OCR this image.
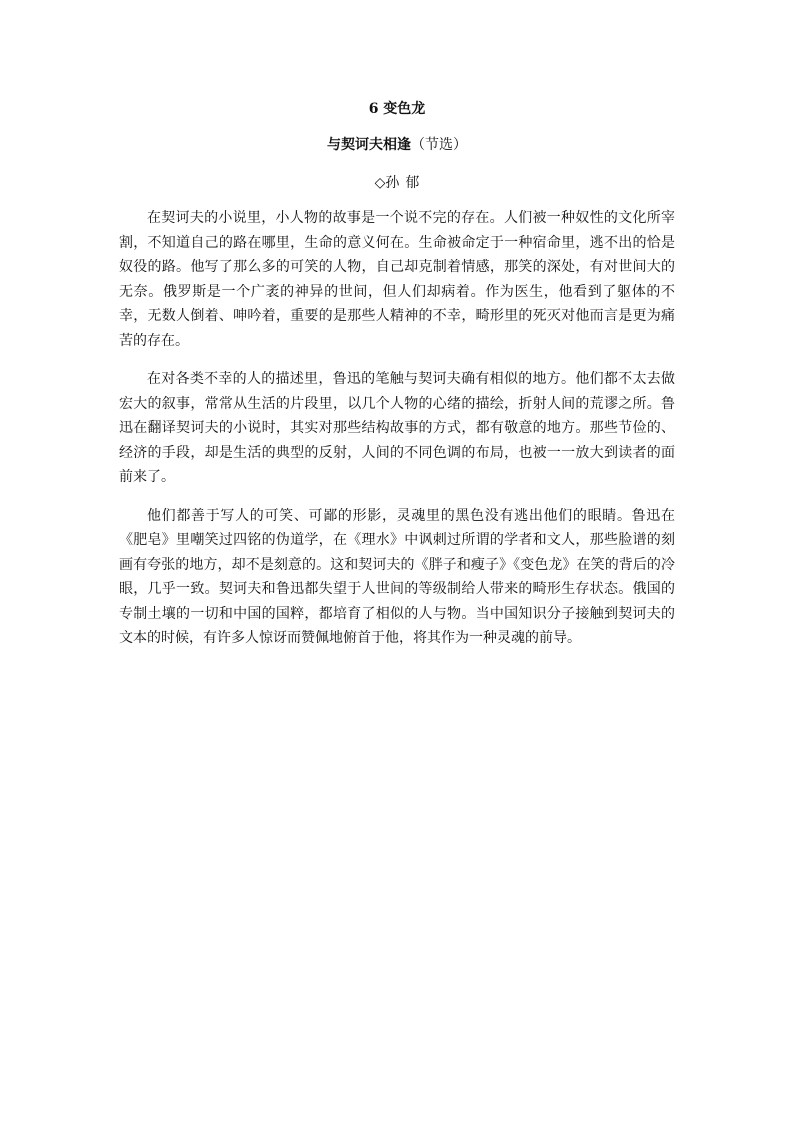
6 变色龙
与契诃夫相逢（节选）
◇孙 郁

在契诃夫的小说里，小人物的故事是一个说不完的存在。人们被一种奴性的文化所宰割，不知道自己的路在哪里，生命的意义何在。生命被命定于一种宿命里，逃不出的恰是奴役的路。他写了那么多的可笑的人物，自己却克制着情感，那笑的深处，有对世间大的无奈。俄罗斯是一个广袤的神异的世间，但人们却病着。作为医生，他看到了躯体的不幸，无数人倒着、呻吟着，重要的是那些人精神的不幸，畸形里的死灭对他而言是更为痛苦的存在。

在对各类不幸的人的描述里，鲁迅的笔触与契诃夫确有相似的地方。他们都不太去做宏大的叙事，常常从生活的片段里，以几个人物的心绪的描绘，折射人间的荒谬之所。鲁迅在翻译契诃夫的小说时，其实对那些结构故事的方式，都有敬意的地方。那些节俭的、经济的手段，却是生活的典型的反射，人间的不同色调的布局，也被一一放大到读者的面前来了。

他们都善于写人的可笑、可鄙的形影，灵魂里的黑色没有逃出他们的眼睛。鲁迅在《肥皂》里嘲笑过四铭的伪道学，在《理水》中讽刺过所谓的学者和文人，那些脸谱的刻画有夸张的地方，却不是刻意的。这和契诃夫的《胖子和瘦子》《变色龙》在笑的背后的冷眼，几乎一致。契诃夫和鲁迅都失望于人世间的等级制给人带来的畸形生存状态。俄国的专制土壤的一切和中国的国粹，都培育了相似的人与物。当中国知识分子接触到契诃夫的文本的时候，有许多人惊讶而赞佩地俯首于他，将其作为一种灵魂的前导。
